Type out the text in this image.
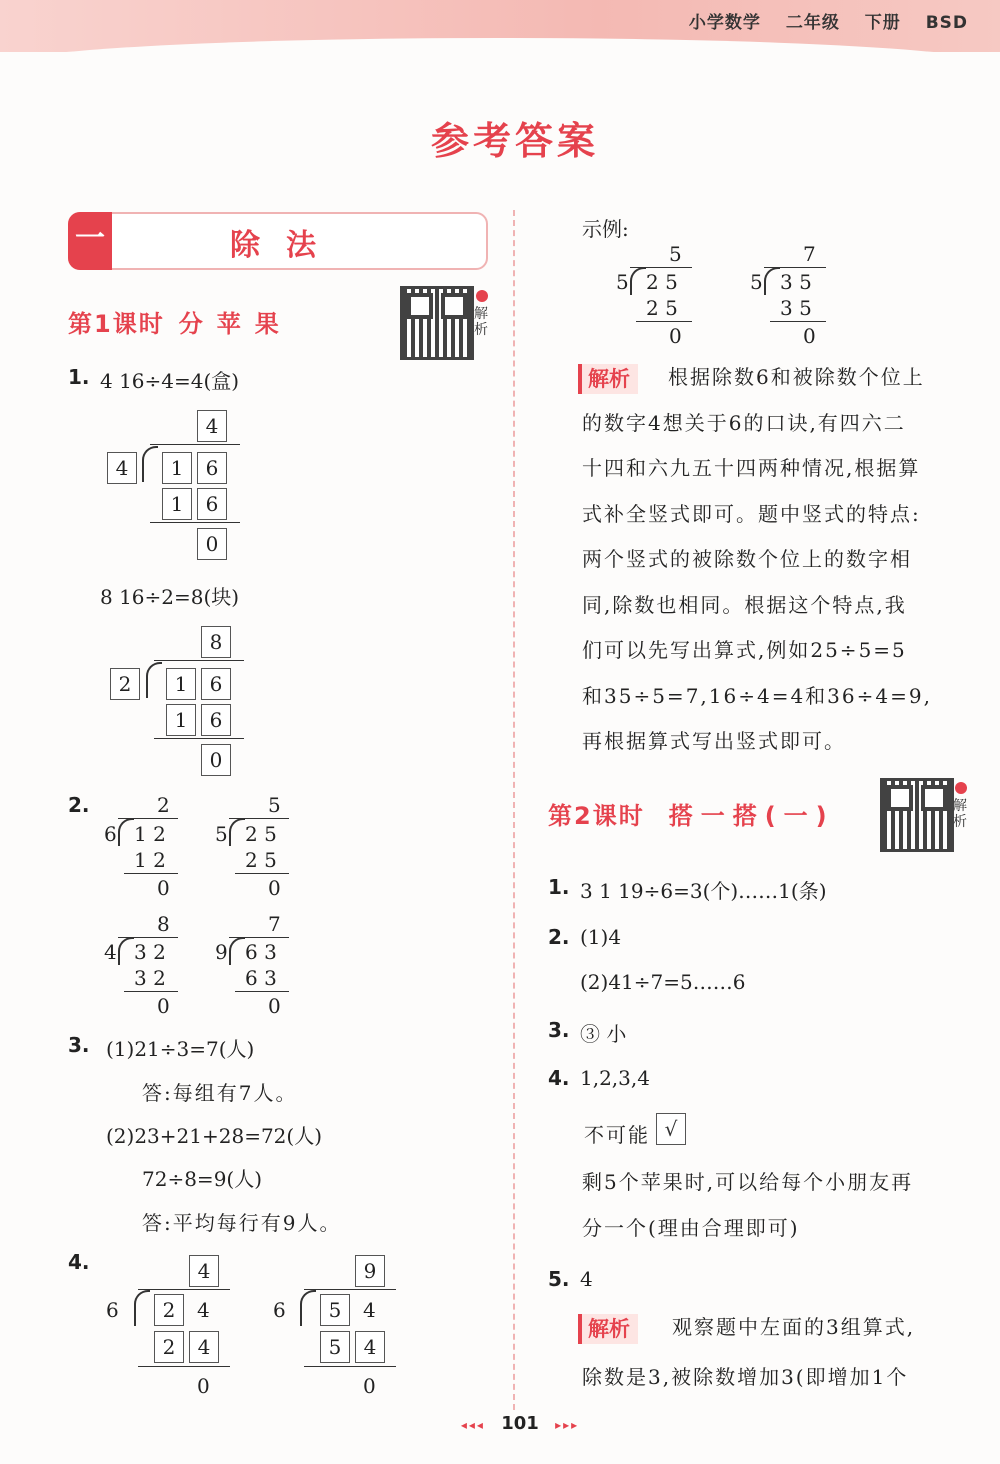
小学数学 二年级 下册 BSD
参考答案
一	除法
第1课时 分苹果	解析
1. 4 16÷4=4(盒)
4
4	1	6
1	6
0
8 16÷2=8(块)
8
2	1	6
1	6
0
2.	2
6 1 2
1 2
0
5
5 2 5
2 5
0
8
4 3 2
3 2
0
7
9 6 3
6 3
0
3. (1)21÷3=7(人)
答:每组有7人。
(2)23+21+28=72(人)
72÷8=9(人)
答:平均每行有9人。
4.	4
6	2	4
2	4
0
9
6	5	4
5	4
0
示例:
5
5 2 5
2 5
0
7
5 3 5
3 5
0
解析	根据除数6和被除数个位上
的数字4想关于6的口诀,有四六二
十四和六九五十四两种情况,根据算
式补全竖式即可。题中竖式的特点:
两个竖式的被除数个位上的数字相
同,除数也相同。根据这个特点,我
们可以先写出算式,例如25÷5=5
和35÷5=7,16÷4=4和36÷4=9,
再根据算式写出竖式即可。
第2课时 搭一搭(一)	解析
1. 3 1 19÷6=3(个)……1(条)
2. (1)4
(2)41÷7=5……6
3. ③ 小
4. 1,2,3,4
不可能 √
剩5个苹果时,可以给每个小朋友再
分一个(理由合理即可)
5. 4
解析	观察题中左面的3组算式,
除数是3,被除数增加3(即增加1个
◂◂◂ 101 ▸▸▸
